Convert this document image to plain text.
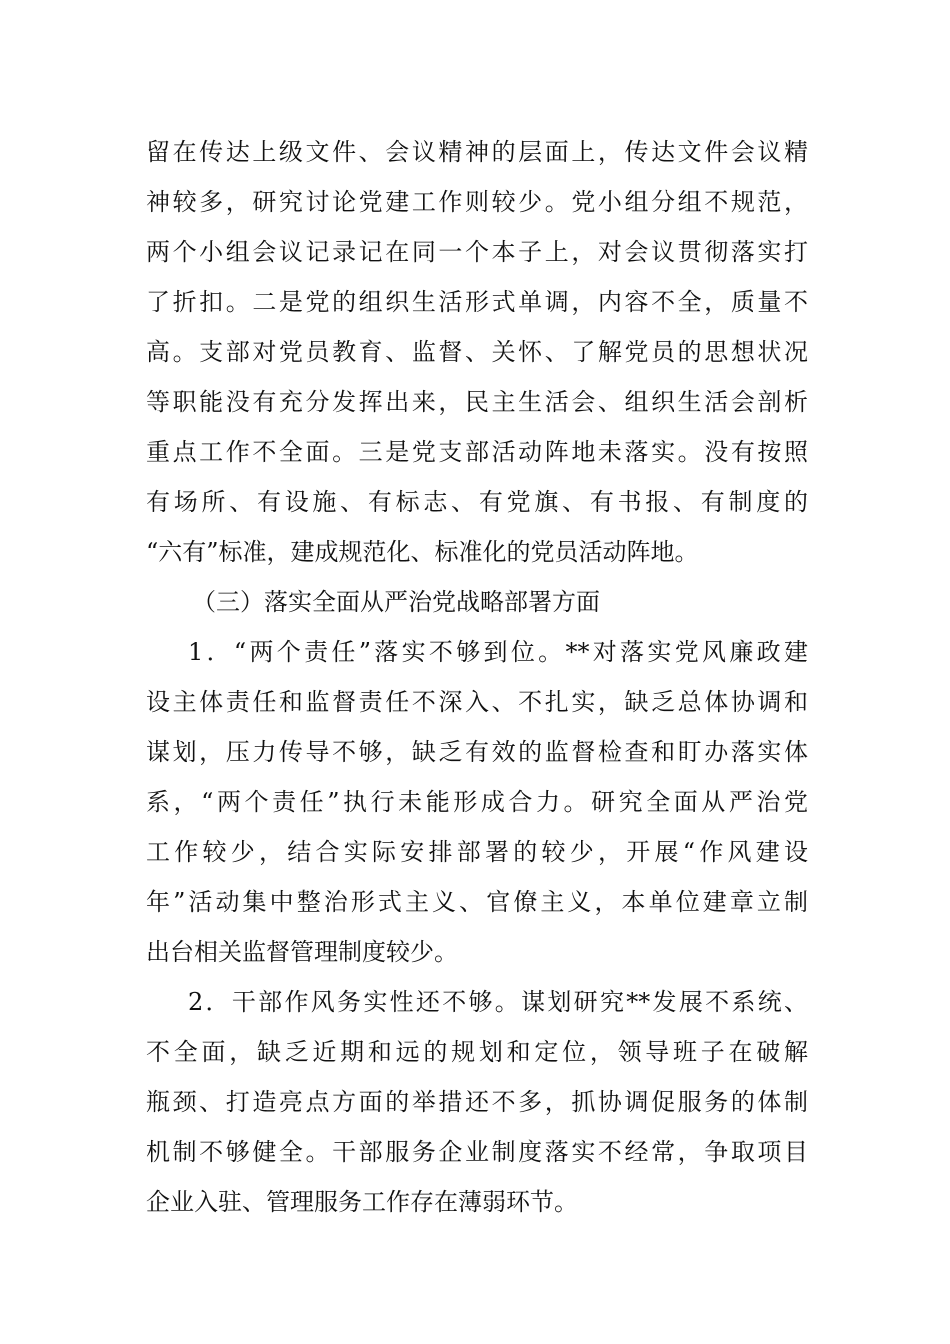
留在传达上级文件、会议精神的层面上，传达文件会议精
神较多，研究讨论党建工作则较少。党小组分组不规范，
两个小组会议记录记在同一个本子上，对会议贯彻落实打
了折扣。二是党的组织生活形式单调，内容不全，质量不
高。支部对党员教育、监督、关怀、了解党员的思想状况
等职能没有充分发挥出来，民主生活会、组织生活会剖析
重点工作不全面。三是党支部活动阵地未落实。没有按照
有场所、有设施、有标志、有党旗、有书报、有制度的
“六有”标准，建成规范化、标准化的党员活动阵地。
（三）落实全面从严治党战略部署方面
1．“两个责任”落实不够到位。**对落实党风廉政建
设主体责任和监督责任不深入、不扎实，缺乏总体协调和
谋划，压力传导不够，缺乏有效的监督检查和盯办落实体
系，“两个责任”执行未能形成合力。研究全面从严治党
工作较少，结合实际安排部署的较少，开展“作风建设
年”活动集中整治形式主义、官僚主义，本单位建章立制
出台相关监督管理制度较少。
2．干部作风务实性还不够。谋划研究**发展不系统、
不全面，缺乏近期和远的规划和定位，领导班子在破解
瓶颈、打造亮点方面的举措还不多，抓协调促服务的体制
机制不够健全。干部服务企业制度落实不经常，争取项目
企业入驻、管理服务工作存在薄弱环节。
